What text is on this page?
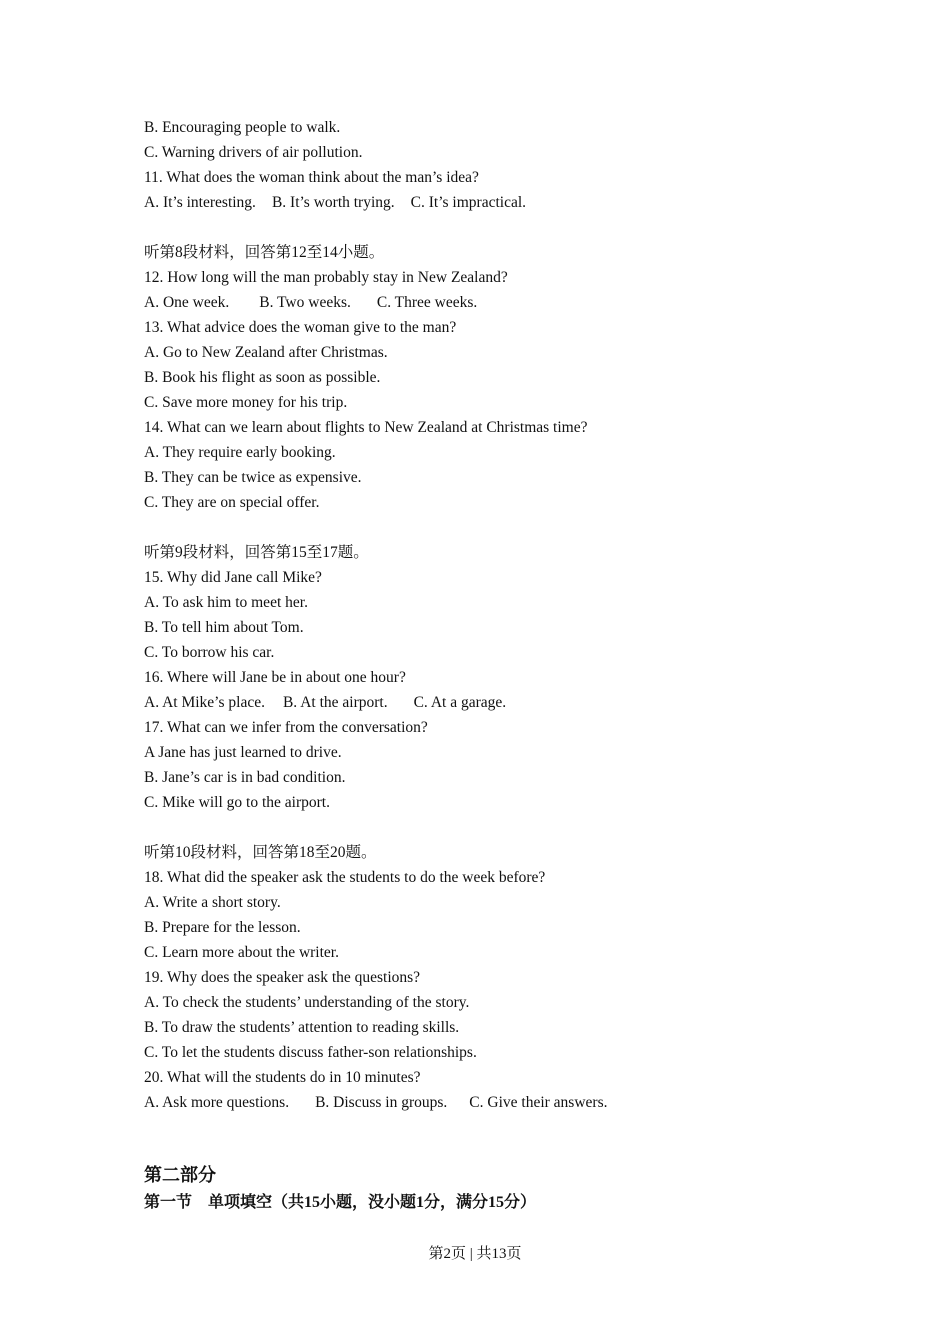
B. Encouraging people to walk.
C. Warning drivers of air pollution.
11. What does the woman think about the man’s idea?
A. It’s interesting. B. It’s worth trying. C. It’s impractical.
听第8段材料，回答第12至14小题。
12. How long will the man probably stay in New Zealand?
A. One week. B. Two weeks. C. Three weeks.
13. What advice does the woman give to the man?
A. Go to New Zealand after Christmas.
B. Book his flight as soon as possible.
C. Save more money for his trip.
14. What can we learn about flights to New Zealand at Christmas time?
A. They require early booking.
B. They can be twice as expensive.
C. They are on special offer.
听第9段材料，回答第15至17题。
15. Why did Jane call Mike?
A. To ask him to meet her.
B. To tell him about Tom.
C. To borrow his car.
16. Where will Jane be in about one hour?
A. At Mike’s place. B. At the airport. C. At a garage.
17. What can we infer from the conversation?
A Jane has just learned to drive.
B. Jane’s car is in bad condition.
C. Mike will go to the airport.
听第10段材料，回答第18至20题。
18. What did the speaker ask the students to do the week before?
A. Write a short story.
B. Prepare for the lesson.
C. Learn more about the writer.
19. Why does the speaker ask the questions?
A. To check the students’ understanding of the story.
B. To draw the students’ attention to reading skills.
C. To let the students discuss father-son relationships.
20. What will the students do in 10 minutes?
A. Ask more questions. B. Discuss in groups. C. Give their answers.
第二部分
第一节　单项填空（共15小题，没小题1分，满分15分）
第2页 | 共13页
